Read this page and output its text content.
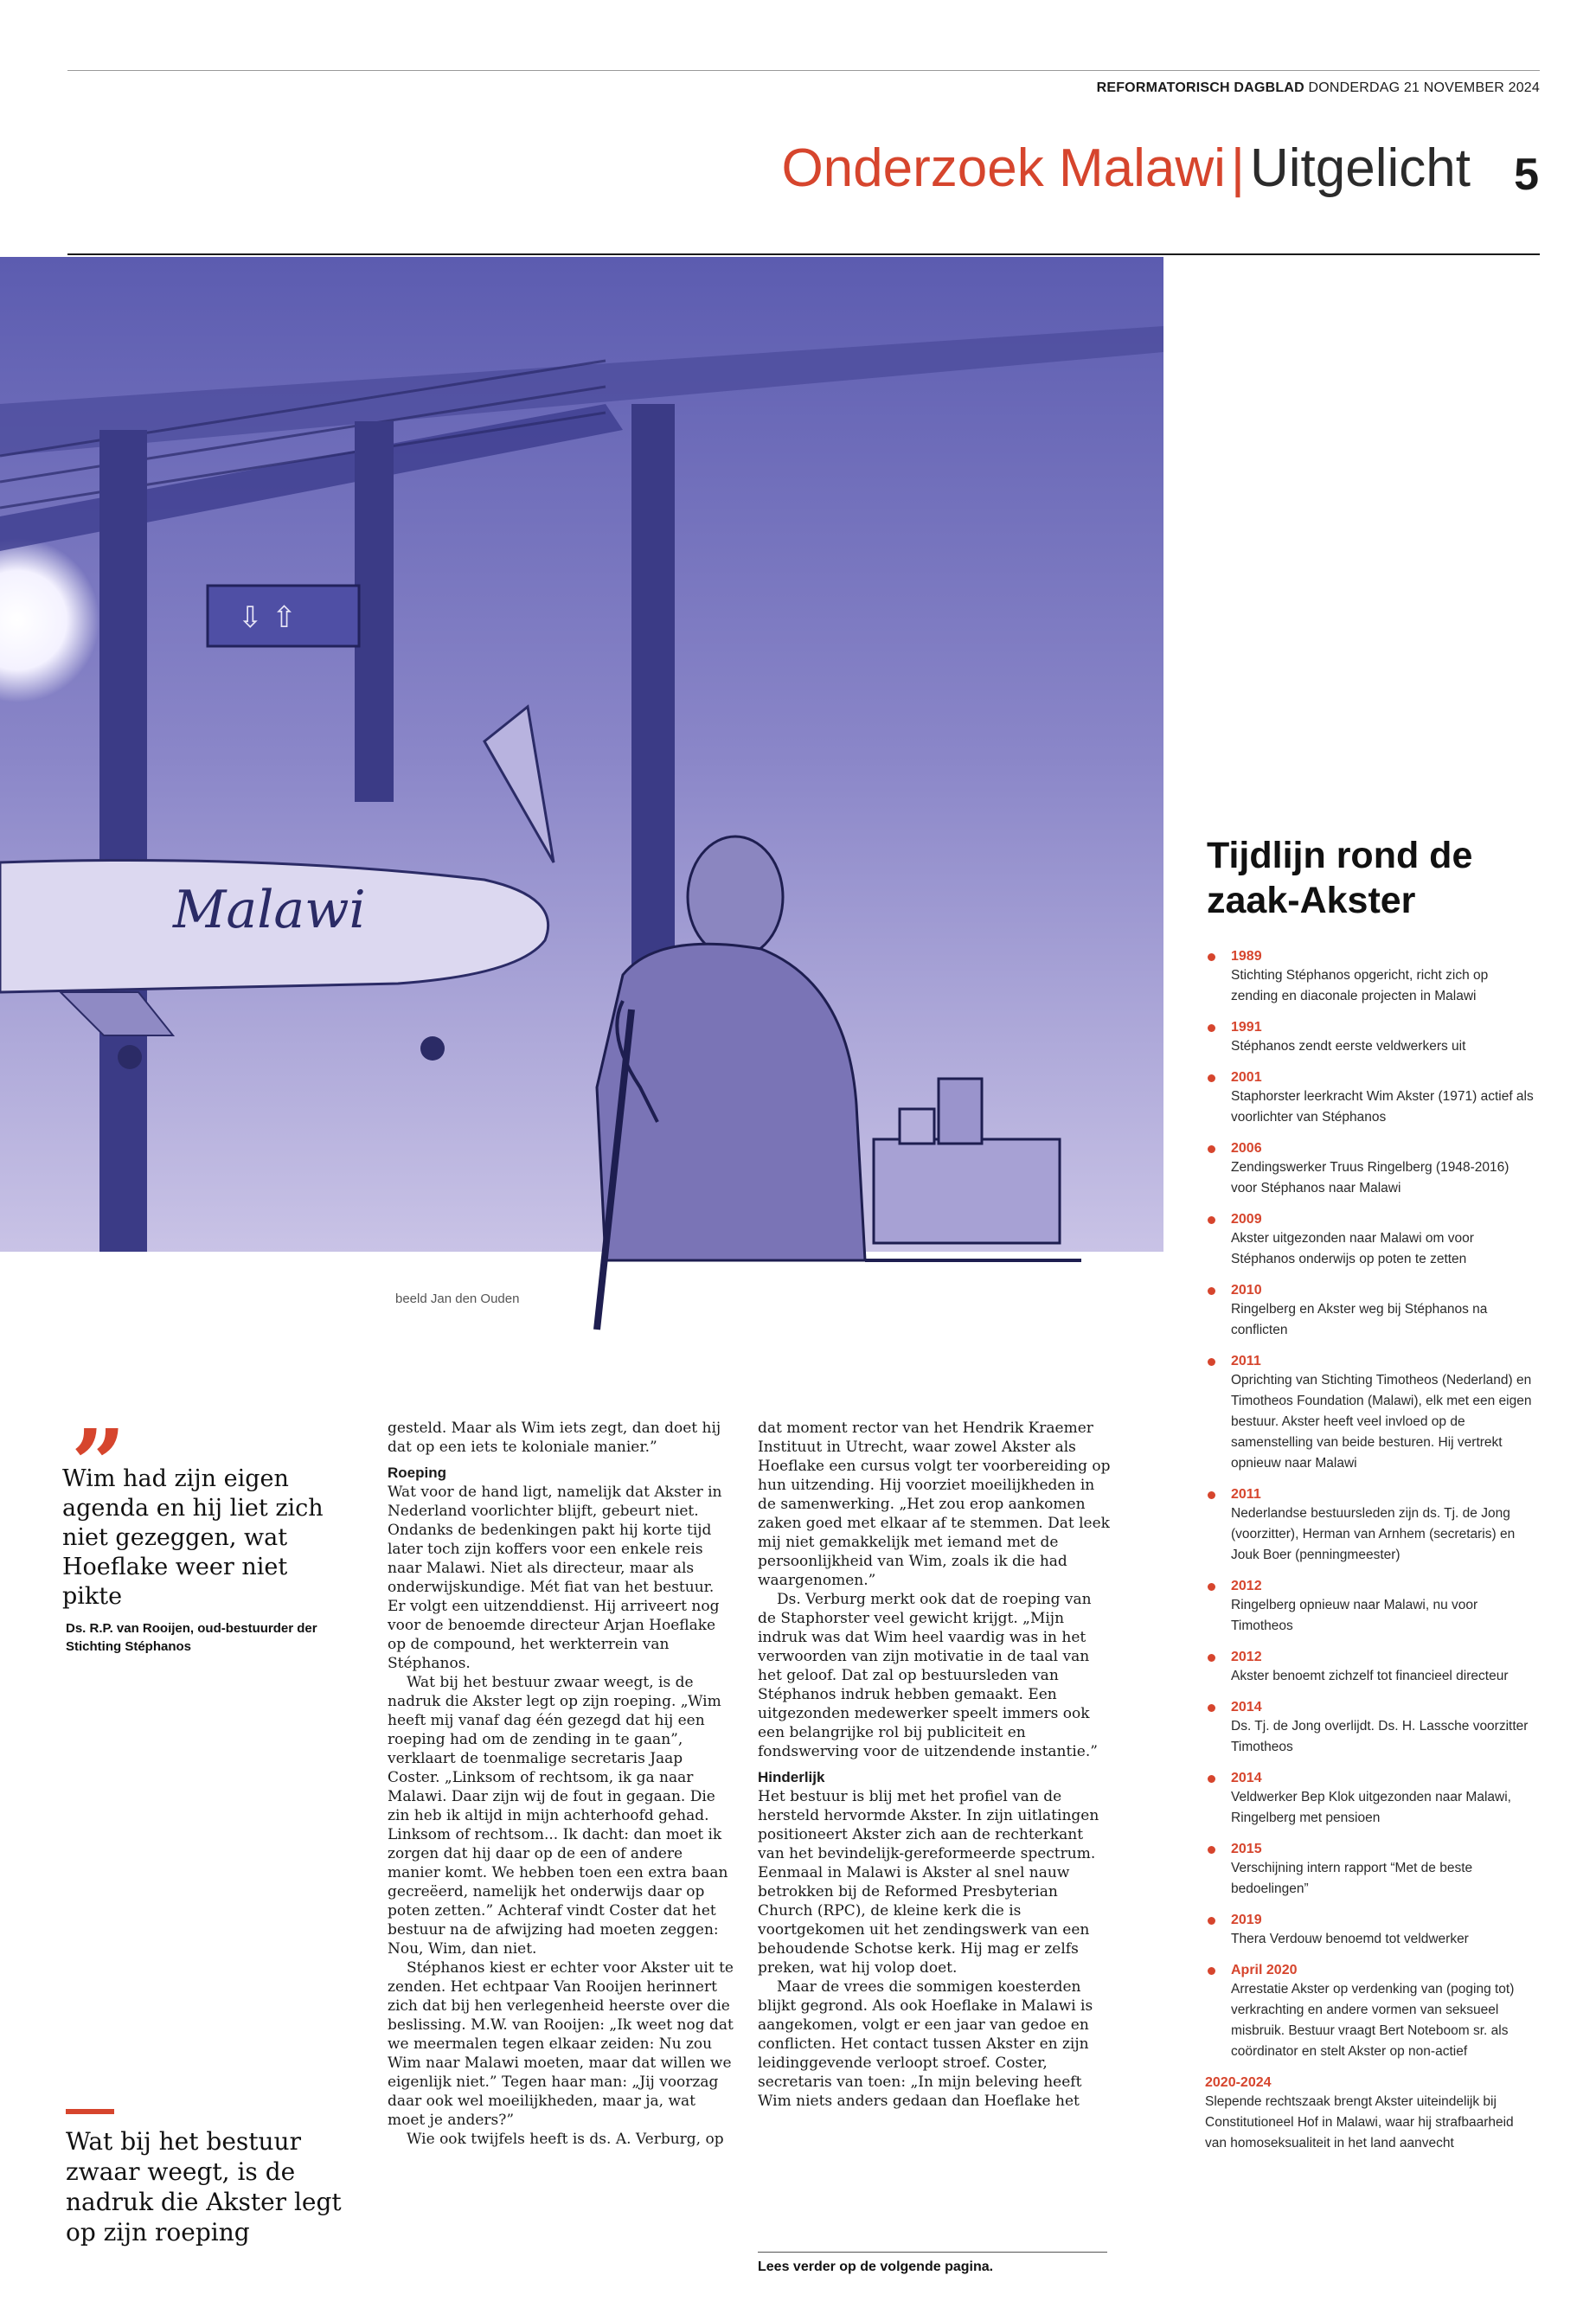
REFORMATORISCH DAGBLAD DONDERDAG 21 NOVEMBER 2024
Onderzoek Malawi|Uitgelicht 5
⇩ ⇧
Malawi
beeld Jan den Ouden
Tijdlijn rond de zaak-Akster
1989
Stichting Stéphanos opgericht, richt zich op zending en diaconale projecten in Malawi
1991
Stéphanos zendt eerste veldwerkers uit
2001
Staphorster leerkracht Wim Akster (1971) actief als voorlichter van Stéphanos
2006
Zendingswerker Truus Ringelberg (1948-2016) voor Stéphanos naar Malawi
2009
Akster uitgezonden naar Malawi om voor Stéphanos onderwijs op poten te zetten
2010
Ringelberg en Akster weg bij Stéphanos na conflicten
2011
Oprichting van Stichting Timotheos (Nederland) en Timotheos Foundation (Malawi), elk met een eigen bestuur. Akster heeft veel invloed op de samenstelling van beide besturen. Hij vertrekt opnieuw naar Malawi
2011
Nederlandse bestuursleden zijn ds. Tj. de Jong (voorzitter), Herman van Arnhem (secretaris) en Jouk Boer (penningmeester)
2012
Ringelberg opnieuw naar Malawi, nu voor Timotheos
2012
Akster benoemt zichzelf tot financieel directeur
2014
Ds. Tj. de Jong overlijdt. Ds. H. Lassche voorzitter Timotheos
2014
Veldwerker Bep Klok uitgezonden naar Malawi, Ringelberg met pensioen
2015
Verschijning intern rapport “Met de beste bedoelingen”
2019
Thera Verdouw benoemd tot veldwerker
April 2020
Arrestatie Akster op verdenking van (poging tot) verkrachting en andere vormen van seksueel misbruik. Bestuur vraagt Bert Noteboom sr. als coördinator en stelt Akster op non-actief
2020-2024
Slepende rechtszaak brengt Akster uiteindelijk bij Constitutioneel Hof in Malawi, waar hij strafbaarheid van homoseksualiteit in het land aanvecht
”
Wim had zijn eigen agenda en hij liet zich niet gezeggen, wat Hoeflake weer niet pikte
Ds. R.P. van Rooijen, oud-bestuurder der Stichting Stéphanos
Wat bij het bestuur zwaar weegt, is de nadruk die Akster legt op zijn roeping

gesteld. Maar als Wim iets zegt, dan doet hij dat op een iets te koloniale manier.”

Roeping

Wat voor de hand ligt, namelijk dat Akster in Nederland voorlichter blijft, gebeurt niet. Ondanks de bedenkingen pakt hij korte tijd later toch zijn koffers voor een enkele reis naar Malawi. Niet als directeur, maar als onderwijskundige. Mét fiat van het bestuur. Er volgt een uitzenddienst. Hij arriveert nog voor de benoemde directeur Arjan Hoeflake op de compound, het werkterrein van Stéphanos.

Wat bij het bestuur zwaar weegt, is de nadruk die Akster legt op zijn roeping. „Wim heeft mij vanaf dag één gezegd dat hij een roeping had om de zending in te gaan”, verklaart de toenmalige secretaris Jaap Coster. „Linksom of rechtsom, ik ga naar Malawi. Daar zijn wij de fout in gegaan. Die zin heb ik altijd in mijn achterhoofd gehad. Linksom of rechtsom... Ik dacht: dan moet ik zorgen dat hij daar op de een of andere manier komt. We hebben toen een extra baan gecreëerd, namelijk het onderwijs daar op poten zetten.” Achteraf vindt Coster dat het bestuur na de afwijzing had moeten zeggen: Nou, Wim, dan niet.

Stéphanos kiest er echter voor Akster uit te zenden. Het echtpaar Van Rooijen herinnert zich dat bij hen verlegenheid heerste over die beslissing. M.W. van Rooijen: „Ik weet nog dat we meermalen tegen elkaar zeiden: Nu zou Wim naar Malawi moeten, maar dat willen we eigenlijk niet.” Tegen haar man: „Jij voorzag daar ook wel moeilijkheden, maar ja, wat moet je anders?”

Wie ook twijfels heeft is ds. A. Verburg, op

dat moment rector van het Hendrik Kraemer Instituut in Utrecht, waar zowel Akster als Hoeflake een cursus volgt ter voorbereiding op hun uitzending. Hij voorziet moeilijkheden in de samenwerking. „Het zou erop aankomen zaken goed met elkaar af te stemmen. Dat leek mij niet gemakkelijk met iemand met de persoonlijkheid van Wim, zoals ik die had waargenomen.”

Ds. Verburg merkt ook dat de roeping van de Staphorster veel gewicht krijgt. „Mijn indruk was dat Wim heel vaardig was in het verwoorden van zijn motivatie in de taal van het geloof. Dat zal op bestuursleden van Stéphanos indruk hebben gemaakt. Een uitgezonden medewerker speelt immers ook een belangrijke rol bij publiciteit en fondswerving voor de uitzendende instantie.”

Hinderlijk

Het bestuur is blij met het profiel van de hersteld hervormde Akster. In zijn uitlatingen positioneert Akster zich aan de rechterkant van het bevindelijk-gereformeerde spectrum. Eenmaal in Malawi is Akster al snel nauw betrokken bij de Reformed Presbyterian Church (RPC), de kleine kerk die is voortgekomen uit het zendingswerk van een behoudende Schotse kerk. Hij mag er zelfs preken, wat hij volop doet.

Maar de vrees die sommigen koesterden blijkt gegrond. Als ook Hoeflake in Malawi is aangekomen, volgt er een jaar van gedoe en conflicten. Het contact tussen Akster en zijn leidinggevende verloopt stroef. Coster, secretaris van toen: „In mijn beleving heeft Wim niets anders gedaan dan Hoeflake het

Lees verder op de volgende pagina.
